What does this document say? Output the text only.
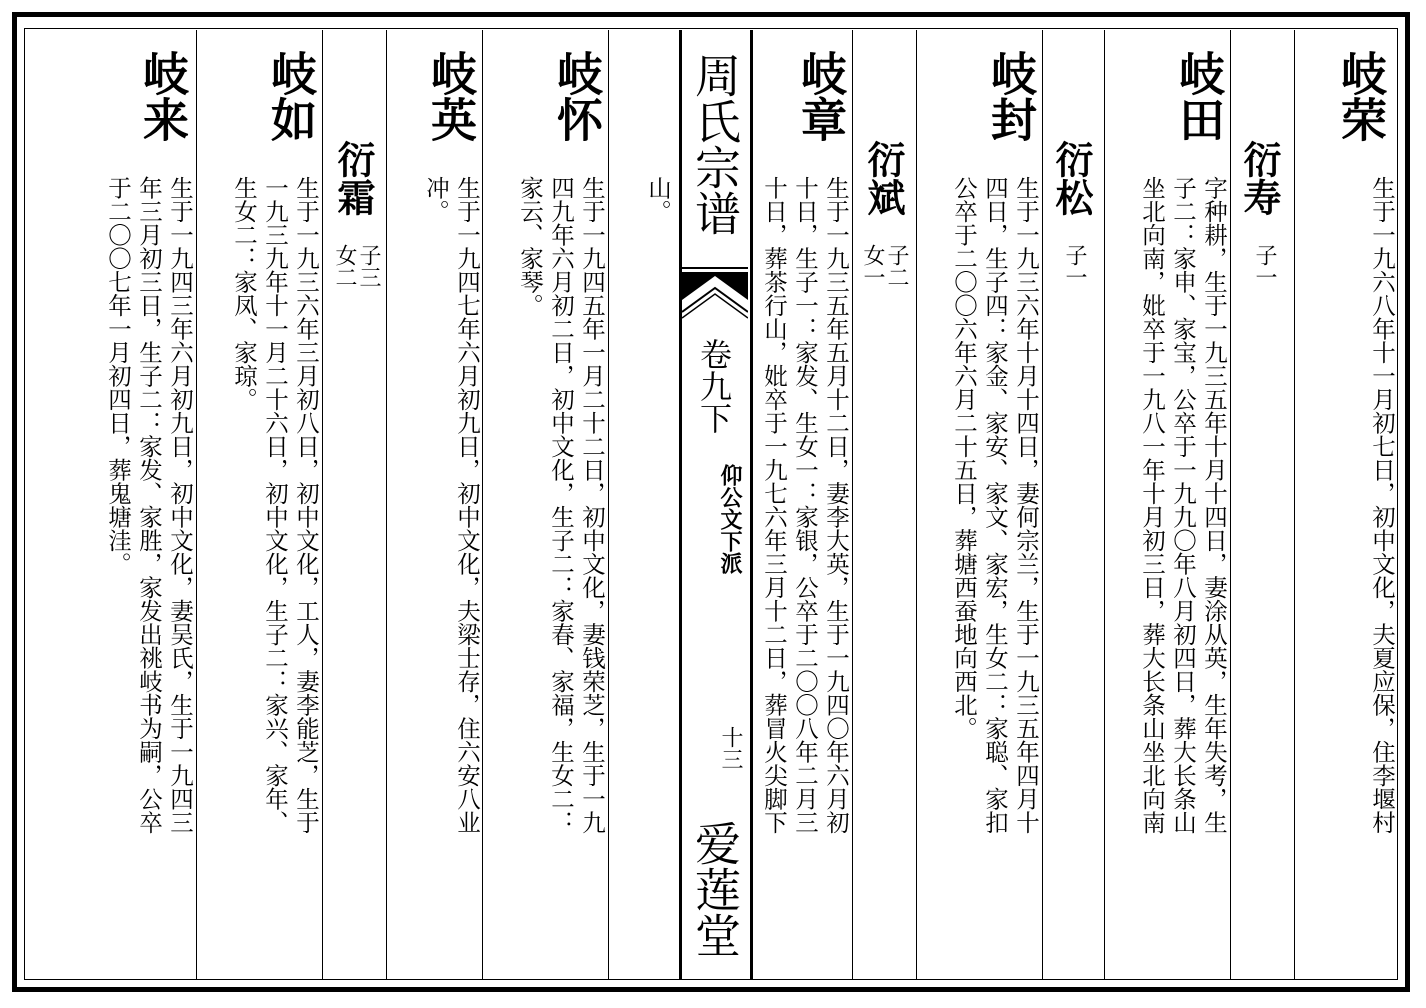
周氏宗谱
卷九下
仰公文下派
十三
爱莲堂
岐荣
生于一九六八年十一月初七日，初中文化，夫夏应保，住李堰村
衍寿
子一
岐田
字种耕，生于一九三五年十月十四日，妻涂从英，生年失考，生
子二：家申、家宝，公卒于一九九〇年八月初四日，葬大长条山
坐北向南，妣卒于一九八一年十月初三日，葬大长条山坐北向南
衍松
子一
岐封
生于一九三六年十月十四日，妻何宗兰，生于一九三五年四月十
四日，生子四：家金、家安、家文、家宏，生女二：家聪、家扣
公卒于二〇〇六年六月二十五日，葬塘西蚕地向西北。
衍斌
子二
女一
岐章
生于一九三五年五月十二日，妻李大英，生于一九四〇年六月初
十日，生子一：家发、生女一：家银，公卒于二〇〇八年二月三
十日，葬茶行山，妣卒于一九七六年三月十二日，葬冒火尖脚下
山。
岐怀
生于一九四五年一月二十二日，初中文化，妻钱荣芝，生于一九
四九年六月初二日，初中文化，生子二：家春、家福，生女二：
家云、家琴。
岐英
生于一九四七年六月初九日，初中文化，夫梁士存，住六安八业
冲。
衍霜
子三
女二
岐如
生于一九三六年三月初八日，初中文化，工人，妻李能芝，生于
一九三九年十一月二十六日，初中文化，生子二：家兴、家年、
生女二：家凤、家琼。
岐来
生于一九四三年六月初九日，初中文化，妻吴氏，生于一九四三
年三月初三日，生子二：家发、家胜，家发出祧岐书为嗣，公卒
于二〇〇七年一月初四日，葬鬼塘洼。
